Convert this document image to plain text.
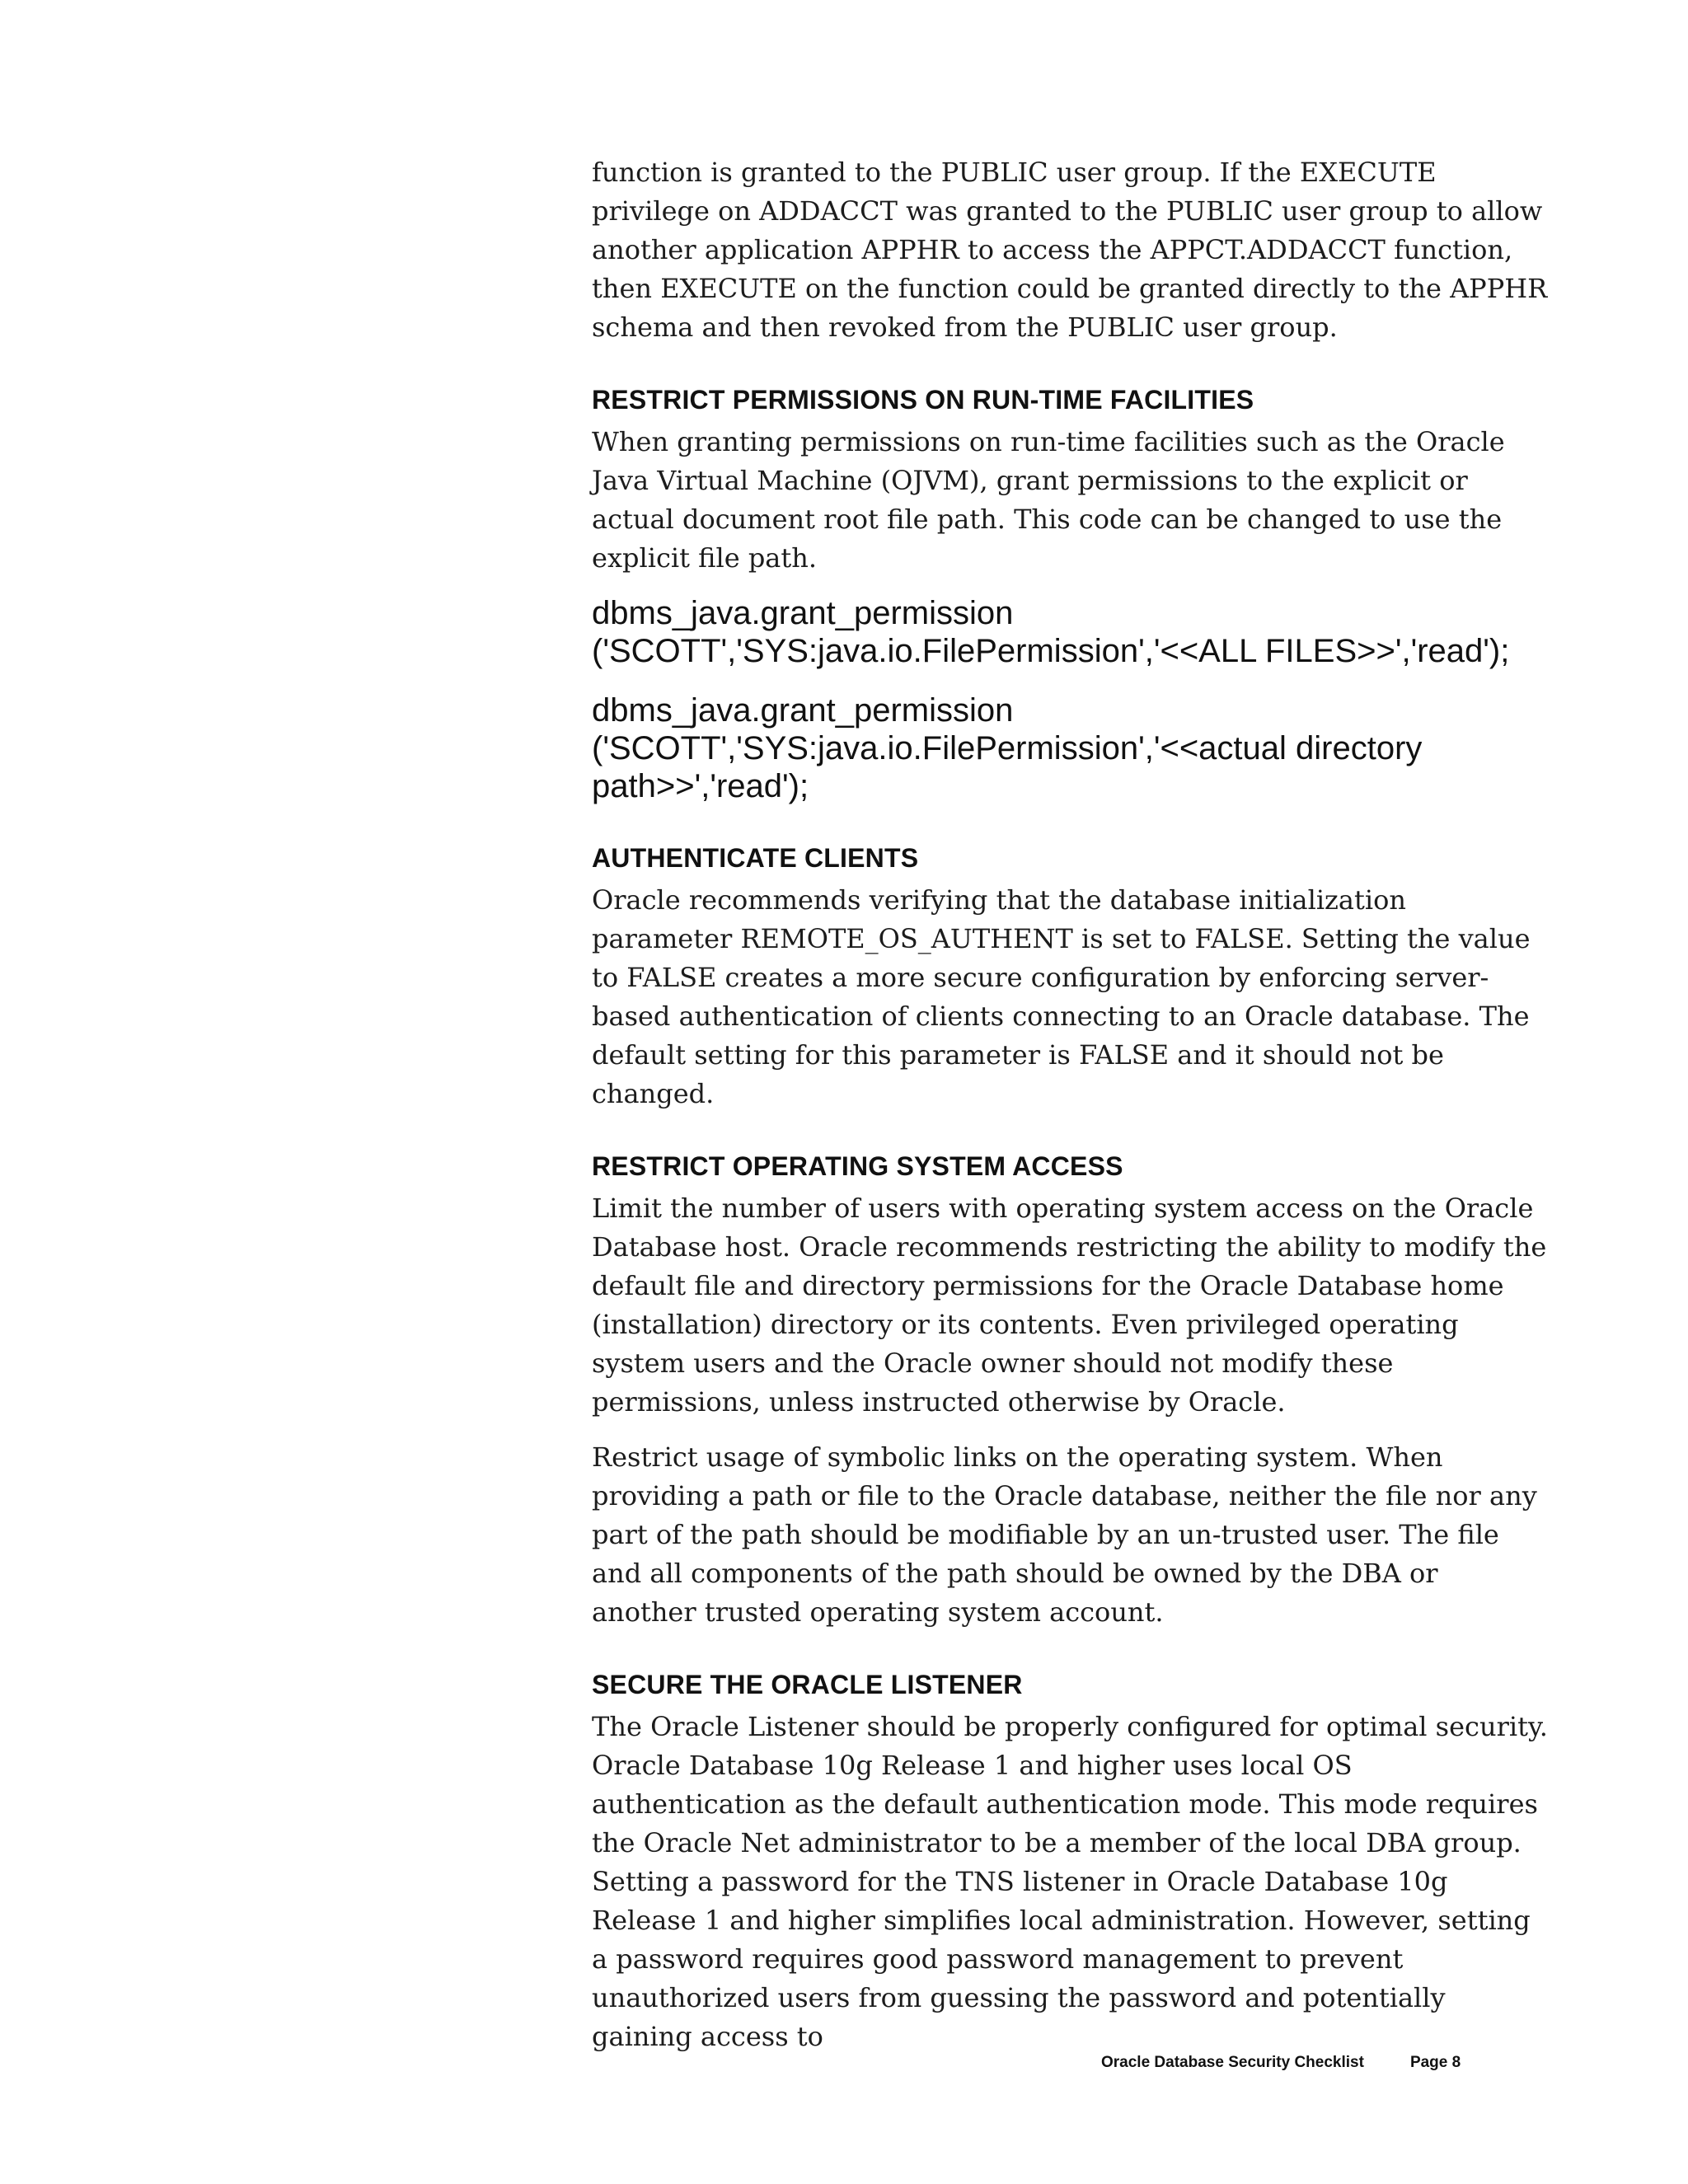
function is granted to the PUBLIC user group. If the EXECUTE privilege on ADDACCT was granted to the PUBLIC user group to allow another application APPHR to access the APPCT.ADDACCT function, then EXECUTE on the function could be granted directly to the APPHR schema and then revoked from the PUBLIC user group.

RESTRICT PERMISSIONS ON RUN-TIME FACILITIES

When granting permissions on run-time facilities such as the Oracle Java Virtual Machine (OJVM), grant permissions to the explicit or actual document root file path. This code can be changed to use the explicit file path.

dbms_java.grant_permission
('SCOTT','SYS:java.io.FilePermission','<<ALL FILES>>','read');
dbms_java.grant_permission
('SCOTT','SYS:java.io.FilePermission','<<actual directory
path>>','read');
AUTHENTICATE CLIENTS

Oracle recommends verifying that the database initialization parameter REMOTE_OS_AUTHENT is set to FALSE. Setting the value to FALSE creates a more secure configuration by enforcing server-based authentication of clients connecting to an Oracle database. The default setting for this parameter is FALSE and it should not be changed.

RESTRICT OPERATING SYSTEM ACCESS

Limit the number of users with operating system access on the Oracle Database host. Oracle recommends restricting the ability to modify the default file and directory permissions for the Oracle Database home (installation) directory or its contents. Even privileged operating system users and the Oracle owner should not modify these permissions, unless instructed otherwise by Oracle.

Restrict usage of symbolic links on the operating system. When providing a path or file to the Oracle database, neither the file nor any part of the path should be modifiable by an un-trusted user. The file and all components of the path should be owned by the DBA or another trusted operating system account.

SECURE THE ORACLE LISTENER

The Oracle Listener should be properly configured for optimal security. Oracle Database 10g Release 1 and higher uses local OS authentication as the default authentication mode. This mode requires the Oracle Net administrator to be a member of the local DBA group. Setting a password for the TNS listener in Oracle Database 10g Release 1 and higher simplifies local administration. However, setting a password requires good password management to prevent unauthorized users from guessing the password and potentially gaining access to

Oracle Database Security Checklist	Page 8
